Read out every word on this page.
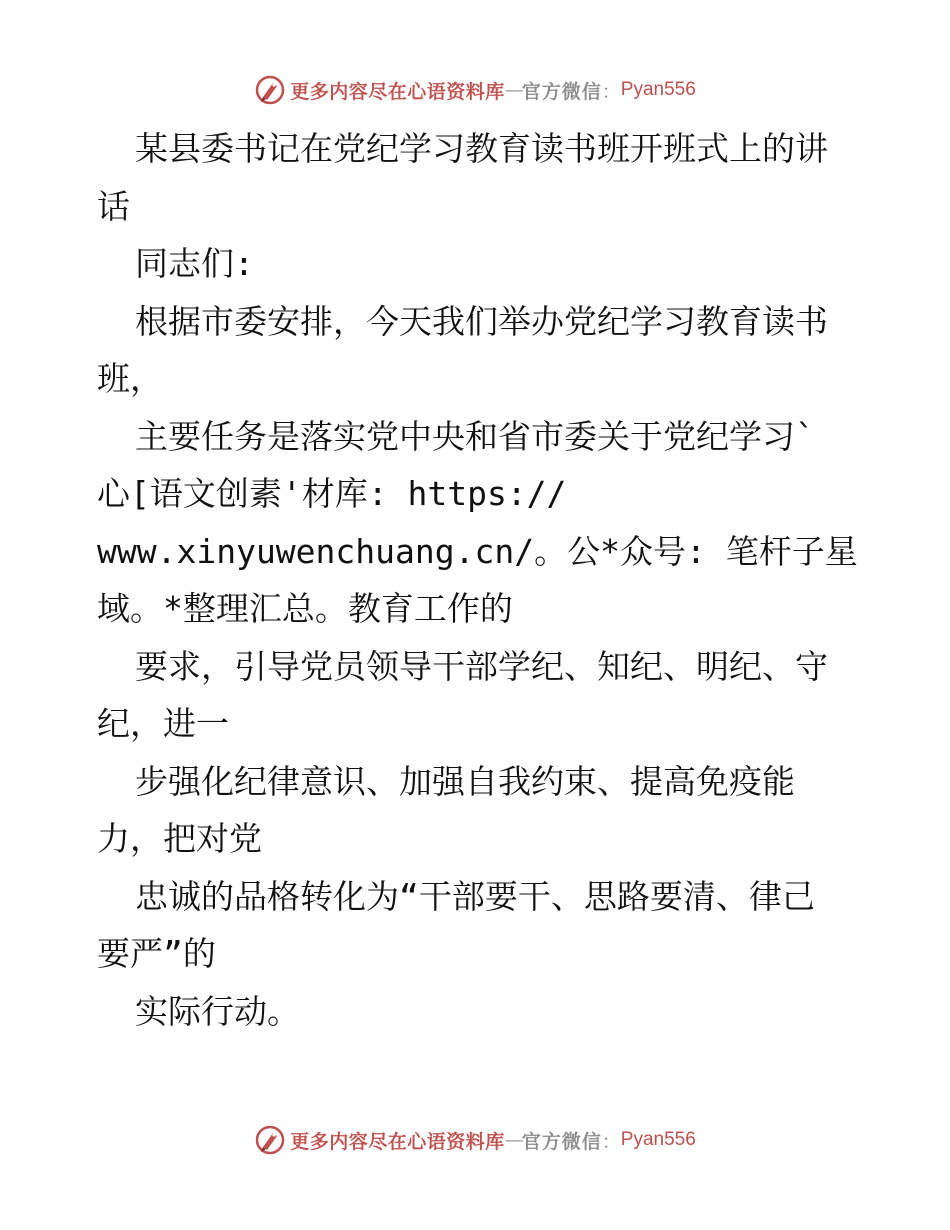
更多内容尽在心语资料库 — 官方微信 ： Pyan556
某县委书记在党纪学习教育读书班开班式上的讲
话
同志们:
根据市委安排，今天我们举办党纪学习教育读书
班，
主要任务是落实党中央和省市委关于党纪学习`
心[语文创素'材库: https://
www.xinyuwenchuang.cn/。公*众号: 笔杆子星
域。*整理汇总。教育工作的
要求，引导党员领导干部学纪、知纪、明纪、守
纪，进一
步强化纪律意识、加强自我约束、提高免疫能
力，把对党
忠诚的品格转化为“干部要干、思路要清、律己
要严”的
实际行动。
更多内容尽在心语资料库 — 官方微信 ： Pyan556
